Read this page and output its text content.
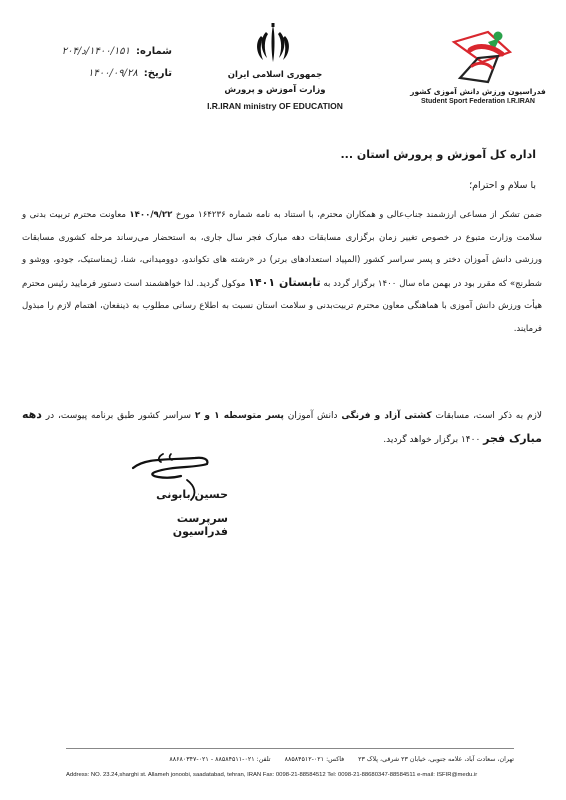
شماره:
۱۴۰۰/۱۵۱/د/۲۰۴
تاریخ:
۱۴۰۰/۰۹/۲۸	جمهوری اسلامی ایران
وزارت آموزش و پرورش
I.R.IRAN ministry OF EDUCATION
فدراسیون ورزش دانش آموزی کشور
Student Sport Federation I.R.IRAN
اداره کل آموزش و پرورش استان ...
با سلام و احترام؛
ضمن تشکر از مساعی ارزشمند جناب‌عالی و همکاران محترم، با استناد به نامه شماره ۱۶۴۲۳۶ مورخ ۱۴۰۰/۹/۲۲ معاونت محترم تربیت بدنی و سلامت وزارت متبوع در خصوص تغییر زمان برگزاری مسابقات دهه مبارک فجر سال جاری، به استحضار می‌رساند مرحله کشوری مسابقات ورزشی دانش آموزان دختر و پسر سراسر کشور (المپیاد استعدادهای برتر) در «رشته های تکواندو، دوومیدانی، شنا، ژیمناستیک، جودو، ووشو و شطرنج» که مقرر بود در بهمن ماه سال ۱۴۰۰ برگزار گردد به تابستان ۱۴۰۱ موکول گردید. لذا خواهشمند است دستور فرمایید رئیس محترم هیأت ورزش دانش آموزی با هماهنگی معاون محترم تربیت‌بدنی و سلامت استان نسبت به اطلاع رسانی مطلوب به ذینفعان، اهتمام لازم را مبذول فرمایند.
لازم به ذکر است، مسابقات کشتی آزاد و فرنگی دانش آموزان پسر متوسطه ۱ و ۲ سراسر کشور طبق برنامه پیوست، در دهه مبارک فجر ۱۴۰۰ برگزار خواهد گردید.
حسین بابونی
سرپرست فدراسیون
تهران، سعادت آباد، علامه جنوبی، خیابان ۲۳ شرقی، پلاک ۲۳فاکس: ۰۲۱-۸۸۵۸۴۵۱۲تلفن: ۰۲۱-۸۸۵۸۴۵۱۱ - ۰۲۱-۸۸۶۸۰۳۴۷
Address: NO. 23.24,sharghi st. Allameh jonoobi, saadatabad, tehran, IRAN Fax: 0098-21-88584512 Tel: 0098-21-88680347-88584511 e-mail: ISFIR@medu.ir
